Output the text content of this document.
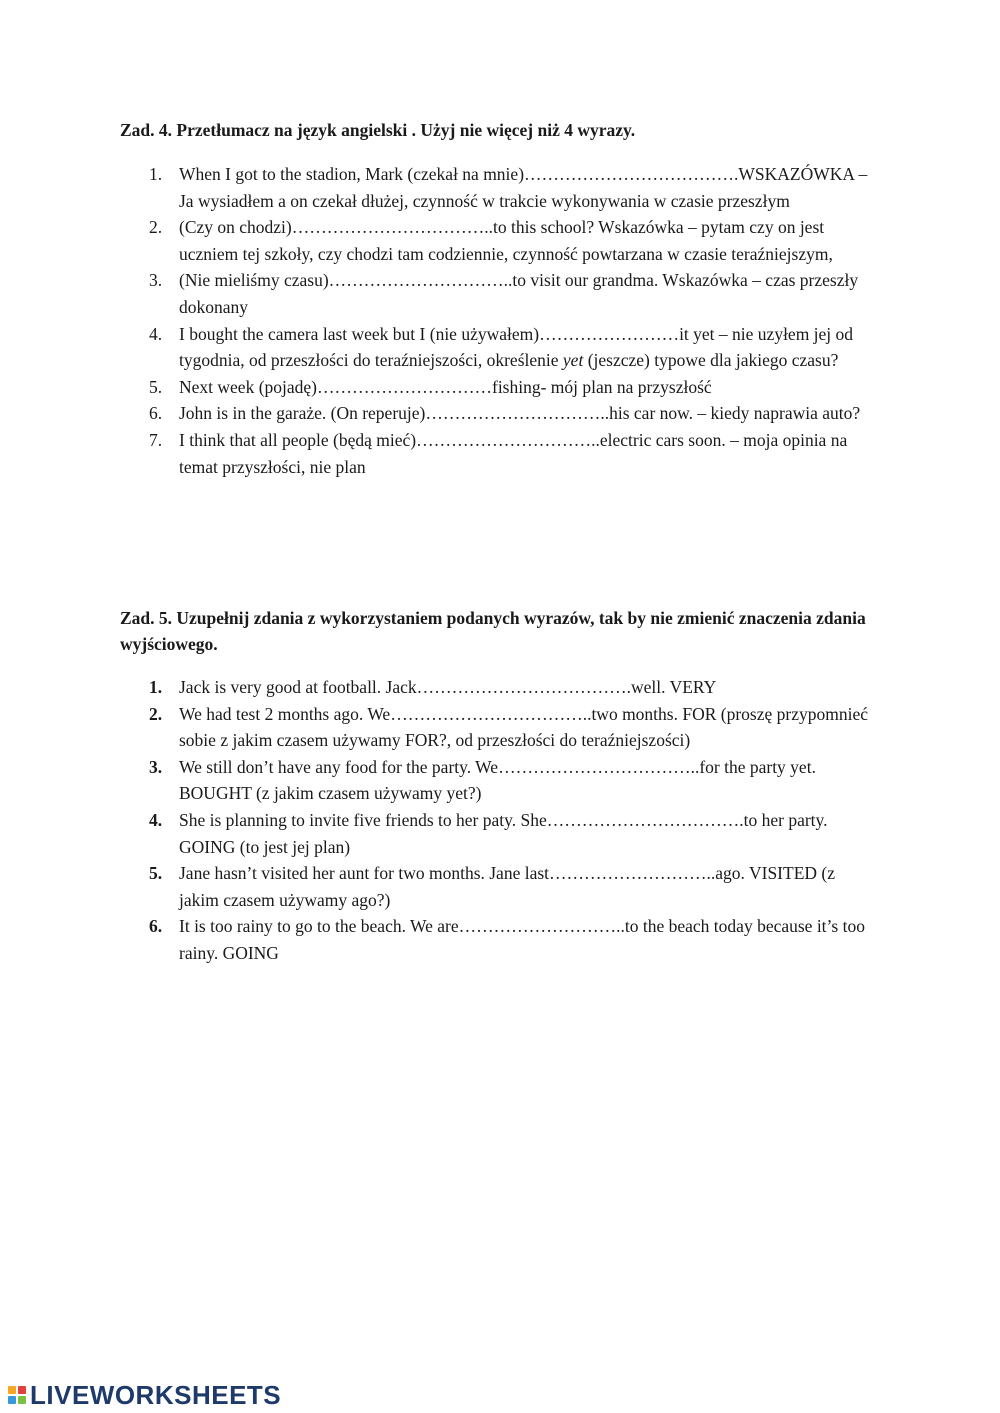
Zad. 4. Przetłumacz na język angielski . Użyj nie więcej niż 4 wyrazy.
1. When I got to the stadion, Mark (czekał na mnie)……………………………….WSKAZÓWKA – Ja wysiadłem a on czekał dłużej, czynność w trakcie wykonywania w czasie przeszłym
2. (Czy on chodzi)……………………………..to this school? Wskazówka – pytam czy on jest uczniem tej szkoły, czy chodzi tam codziennie, czynność powtarzana w czasie teraźniejszym,
3. (Nie mieliśmy czasu)…………………………..to visit our grandma. Wskazówka – czas przeszły dokonany
4. I bought the camera last week but I (nie używałem)……………………it yet – nie uzyłem jej od tygodnia, od przeszłości do teraźniejszości, określenie yet (jeszcze) typowe dla jakiego czasu?
5. Next week (pojadę)…………………………fishing- mój plan na przyszłość
6. John is in the garaże. (On reperuje)…………………………..his car now. – kiedy naprawia auto?
7. I think that all people (będą mieć)…………………………..electric cars soon. – moja opinia na temat przyszłości, nie plan
Zad. 5. Uzupełnij zdania z wykorzystaniem podanych wyrazów, tak by nie zmienić znaczenia zdania wyjściowego.
1. Jack is very good at football. Jack……………………………….well. VERY
2. We had test 2 months ago. We……………………………..two months. FOR (proszę przypomnieć sobie z jakim czasem używamy FOR?, od przeszłości do teraźniejszości)
3. We still don’t have any food for the party. We……………………………..for the party yet. BOUGHT (z jakim czasem używamy yet?)
4. She is planning to invite five friends to her paty. She…………………………….to her party. GOING (to jest jej plan)
5. Jane hasn’t visited her aunt for two months. Jane last………………………..ago. VISITED (z jakim czasem używamy ago?)
6. It is too rainy to go to the beach. We are………………………..to the beach today because it’s too rainy. GOING
LIVEWORKSHEETS
